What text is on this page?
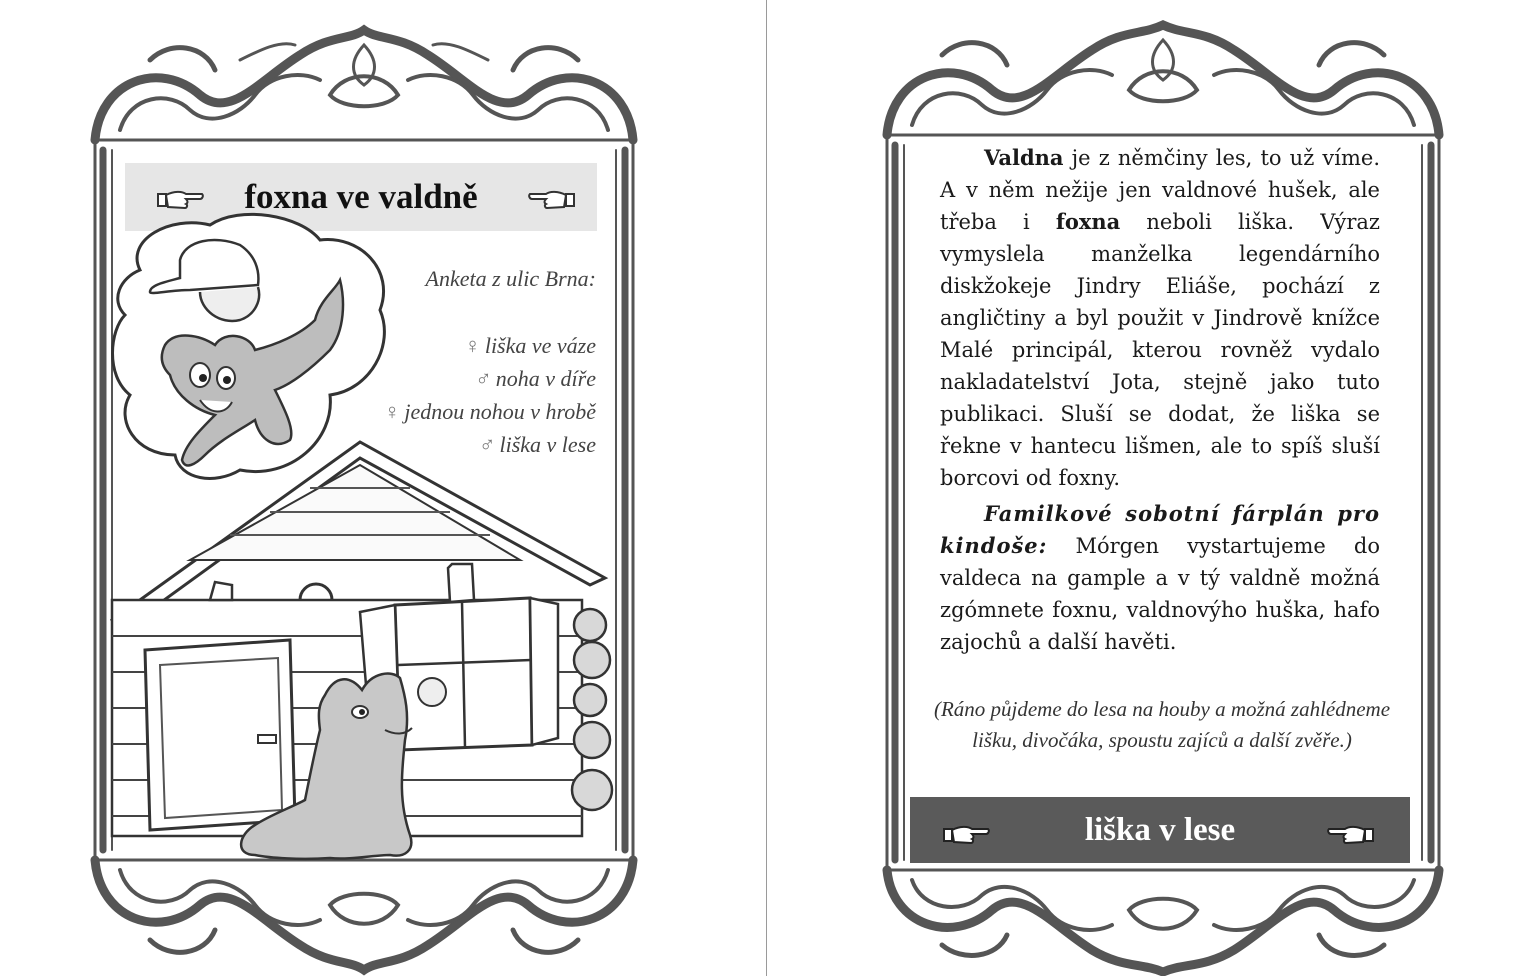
foxna ve valdně
Anketa z ulic Brna:
♀ liška ve váze
♂ noha v díře
♀ jednou nohou v hrobě
♂ liška v lese
Valdna je z němčiny les, to už víme. A v něm nežije jen valdnové hušek, ale třeba i foxna neboli liška. Výraz vymyslela manželka legendárního diskžokeje Jindry Eliáše, pochází z angličtiny a byl použit v Jindrově knížce Malé principál, kterou rovněž vydalo nakladatelství Jota, stejně jako tuto publikaci. Sluší se dodat, že liška se řekne v hantecu lišmen, ale to spíš sluší borcovi od foxny.
Familkové sobotní fárplán pro kindoše: Mórgen vystartujeme do valdeca na gample a v tý valdně možná zgómnete foxnu, valdnovýho huška, hafo zajochů a další havěti.
(Ráno půjdeme do lesa na houby a možná zahlédneme lišku, divočáka, spoustu zajíců a další zvěře.)
liška v lese
